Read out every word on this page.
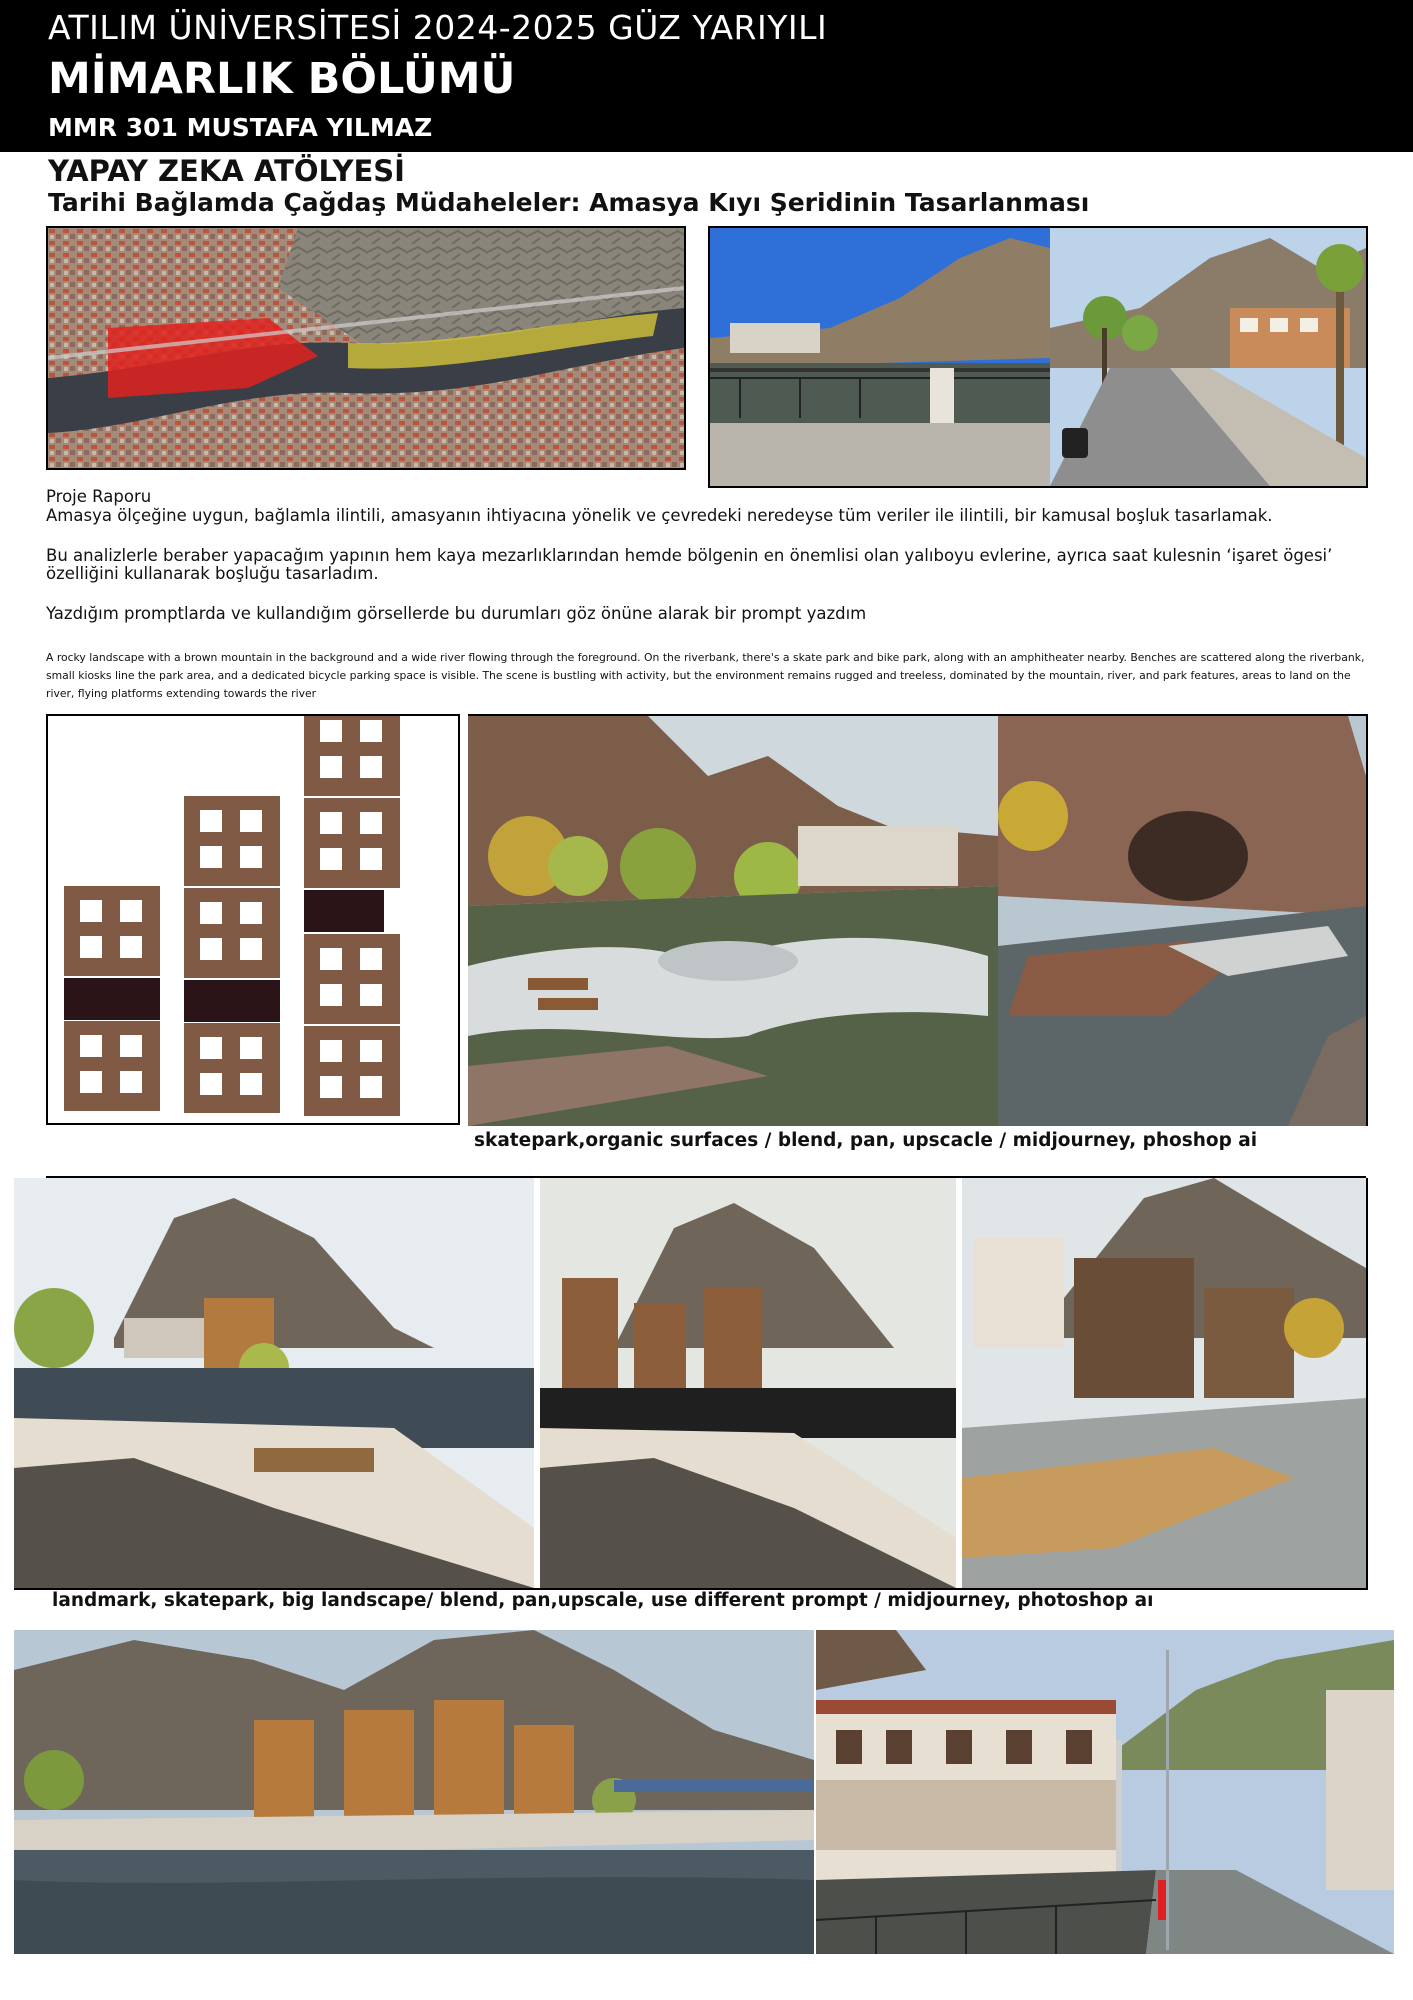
ATILIM ÜNİVERSİTESİ 2024-2025 GÜZ YARIYILI
MİMARLIK BÖLÜMÜ
MMR 301 MUSTAFA YILMAZ
YAPAY ZEKA ATÖLYESİ
Tarihi Bağlamda Çağdaş Müdaheleler: Amasya Kıyı Şeridinin Tasarlanması
Proje Raporu
Amasya ölçeğine uygun, bağlamla ilintili, amasyanın ihtiyacına yönelik ve çevredeki neredeyse tüm veriler ile ilintili, bir kamusal boşluk tasarlamak.
Bu analizlerle beraber yapacağım yapının hem kaya mezarlıklarından hemde bölgenin en önemlisi olan yalıboyu evlerine, ayrıca saat kulesnin ‘işaret ögesi’ özelliğini kullanarak boşluğu tasarladım.
Yazdığım promptlarda ve kullandığım görsellerde bu durumları göz önüne alarak bir prompt yazdım
A rocky landscape with a brown mountain in the background and a wide river flowing through the foreground. On the riverbank, there's a skate park and bike park, along with an amphitheater nearby. Benches are scattered along the riverbank, small kiosks line the park area, and a dedicated bicycle parking space is visible. The scene is bustling with activity, but the environment remains rugged and treeless, dominated by the mountain, river, and park features, areas to land on the river, flying platforms extending towards the river
skatepark,organic surfaces / blend, pan, upscacle / midjourney, phoshop ai
landmark, skatepark, big landscape/ blend, pan,upscale, use different prompt / midjourney, photoshop aı
